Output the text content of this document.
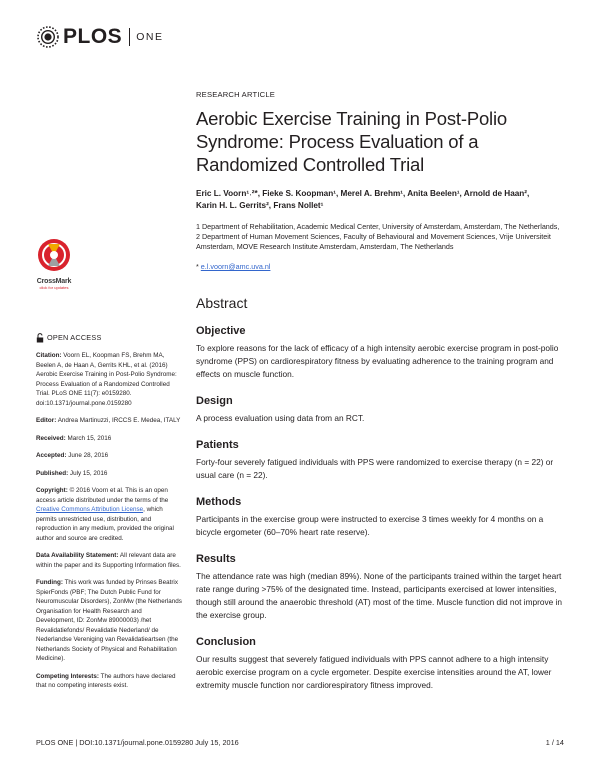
PLOS ONE
CrossMark
click for updates
OPEN ACCESS

Citation: Voorn EL, Koopman FS, Brehm MA, Beelen A, de Haan A, Gerrits KHL, et al. (2016) Aerobic Exercise Training in Post-Polio Syndrome: Process Evaluation of a Randomized Controlled Trial. PLoS ONE 11(7): e0159280. doi:10.1371/journal.pone.0159280

Editor: Andrea Martinuzzi, IRCCS E. Medea, ITALY

Received: March 15, 2016

Accepted: June 28, 2016

Published: July 15, 2016

Copyright: © 2016 Voorn et al. This is an open access article distributed under the terms of the Creative Commons Attribution License, which permits unrestricted use, distribution, and reproduction in any medium, provided the original author and source are credited.

Data Availability Statement: All relevant data are within the paper and its Supporting Information files.

Funding: This work was funded by Prinses Beatrix SpierFonds (PBF; The Dutch Public Fund for Neuromuscular Disorders), ZonMw (the Netherlands Organisation for Health Research and Development, ID: ZonMw 89000003) /het Revalidatiefonds/ Revalidatie Nederland/ de Nederlandse Vereniging van Revalidatieartsen (the Netherlands Society of Physical and Rehabilitation Medicine).

Competing Interests: The authors have declared that no competing interests exist.

RESEARCH ARTICLE
Aerobic Exercise Training in Post-Polio
Syndrome: Process Evaluation of a
Randomized Controlled Trial
Eric L. Voorn¹˒²*, Fieke S. Koopman¹, Merel A. Brehm¹, Anita Beelen¹, Arnold de Haan²,
Karin H. L. Gerrits², Frans Nollet¹
1 Department of Rehabilitation, Academic Medical Center, University of Amsterdam, Amsterdam, The Netherlands, 2 Department of Human Movement Sciences, Faculty of Behavioural and Movement Sciences, Vrije Universiteit Amsterdam, MOVE Research Institute Amsterdam, Amsterdam, The Netherlands
* e.l.voorn@amc.uva.nl
Abstract
Objective

To explore reasons for the lack of efficacy of a high intensity aerobic exercise program in post-polio syndrome (PPS) on cardiorespiratory fitness by evaluating adherence to the training program and effects on muscle function.

Design

A process evaluation using data from an RCT.

Patients

Forty-four severely fatigued individuals with PPS were randomized to exercise therapy (n = 22) or usual care (n = 22).

Methods

Participants in the exercise group were instructed to exercise 3 times weekly for 4 months on a bicycle ergometer (60–70% heart rate reserve).

Results

The attendance rate was high (median 89%). None of the participants trained within the target heart rate range during >75% of the designated time. Instead, participants exercised at lower intensities, though still around the anaerobic threshold (AT) most of the time. Muscle function did not improve in the exercise group.

Conclusion

Our results suggest that severely fatigued individuals with PPS cannot adhere to a high intensity aerobic exercise program on a cycle ergometer. Despite exercise intensities around the AT, lower extremity muscle function nor cardiorespiratory fitness improved.

PLOS ONE | DOI:10.1371/journal.pone.0159280 July 15, 2016	1 / 14
